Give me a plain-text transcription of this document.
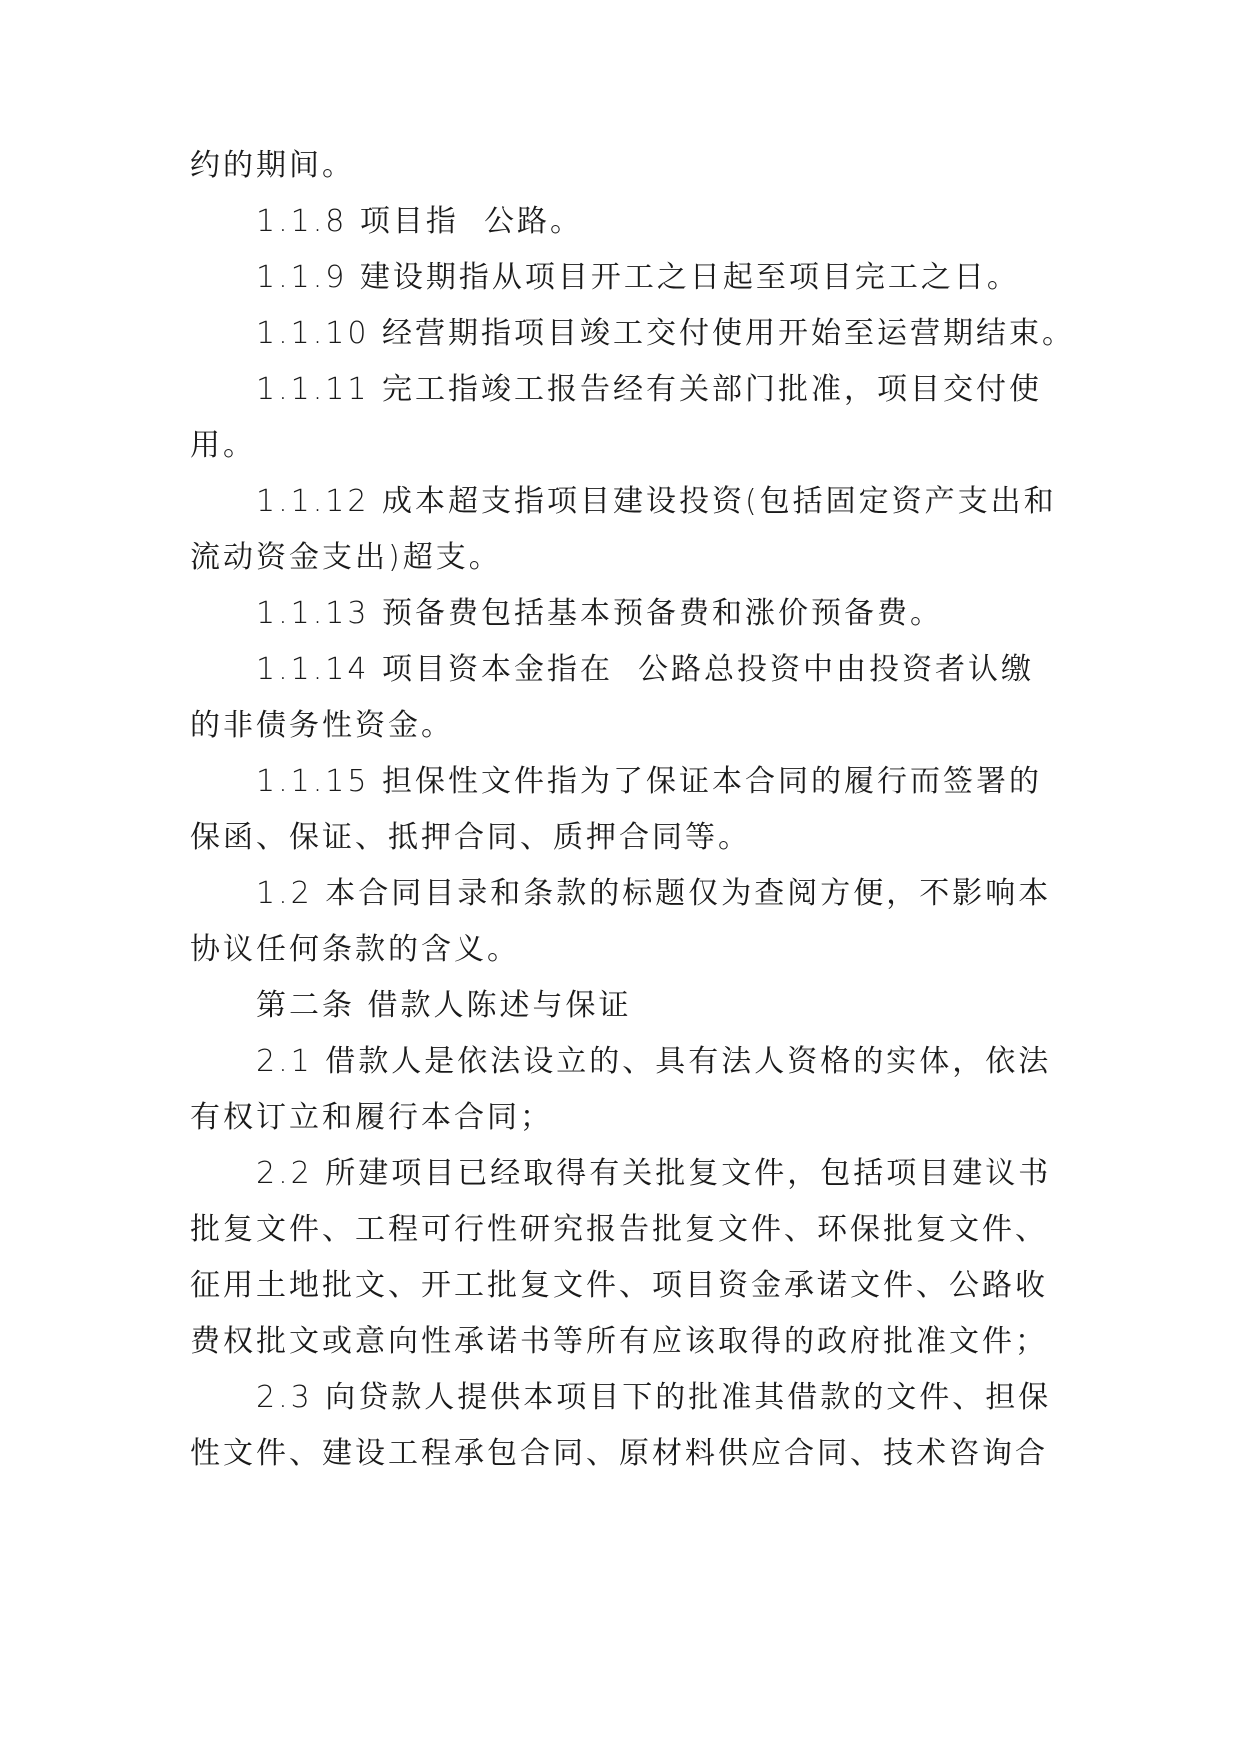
约的期间。
1.1.8 项目指  公路。
1.1.9 建设期指从项目开工之日起至项目完工之日。
1.1.10 经营期指项目竣工交付使用开始至运营期结束。
1.1.11 完工指竣工报告经有关部门批准，项目交付使
用。
1.1.12 成本超支指项目建设投资(包括固定资产支出和
流动资金支出)超支。
1.1.13 预备费包括基本预备费和涨价预备费。
1.1.14 项目资本金指在  公路总投资中由投资者认缴
的非债务性资金。
1.1.15 担保性文件指为了保证本合同的履行而签署的
保函、保证、抵押合同、质押合同等。
1.2 本合同目录和条款的标题仅为查阅方便，不影响本
协议任何条款的含义。
第二条 借款人陈述与保证
2.1 借款人是依法设立的、具有法人资格的实体，依法
有权订立和履行本合同；
2.2 所建项目已经取得有关批复文件，包括项目建议书
批复文件、工程可行性研究报告批复文件、环保批复文件、
征用土地批文、开工批复文件、项目资金承诺文件、公路收
费权批文或意向性承诺书等所有应该取得的政府批准文件；
2.3 向贷款人提供本项目下的批准其借款的文件、担保
性文件、建设工程承包合同、原材料供应合同、技术咨询合
